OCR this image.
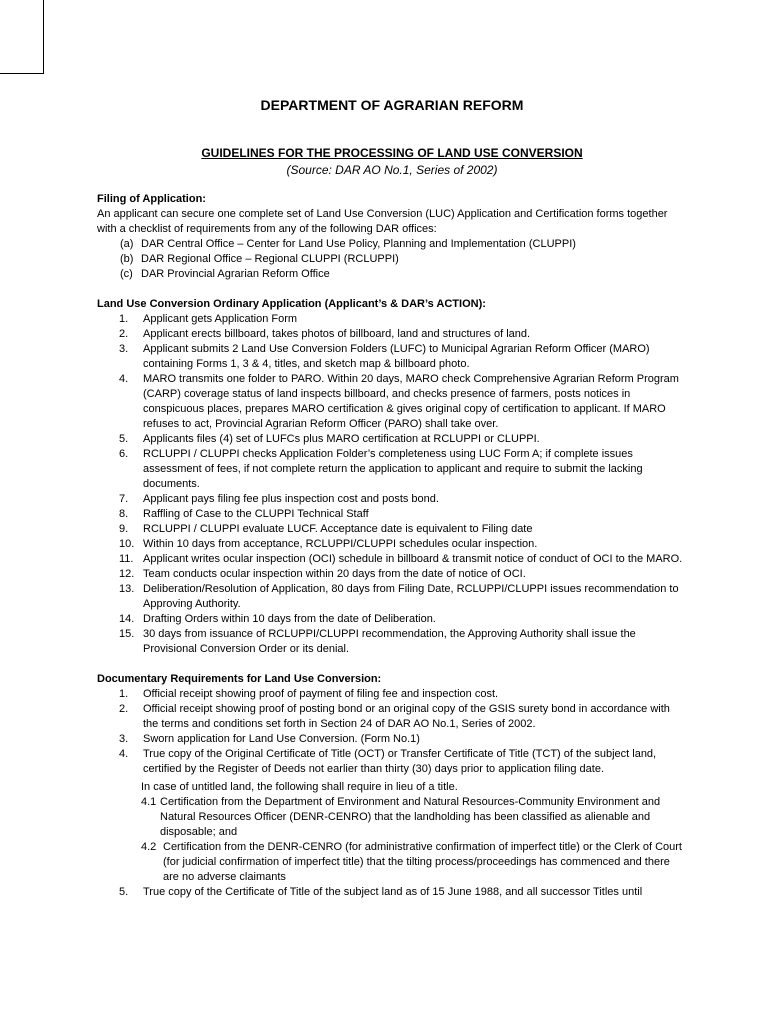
DEPARTMENT OF AGRARIAN REFORM
GUIDELINES FOR THE PROCESSING OF LAND USE CONVERSION
(Source: DAR AO No.1, Series of 2002)
Filing of Application:

An applicant can secure one complete set of Land Use Conversion (LUC) Application and Certification forms together with a checklist of requirements from any of the following DAR offices:

(a) DAR Central Office – Center for Land Use Policy, Planning and Implementation (CLUPPI)
(b) DAR Regional Office – Regional CLUPPI (RCLUPPI)
(c) DAR Provincial Agrarian Reform Office
Land Use Conversion Ordinary Application (Applicant’s & DAR’s ACTION):
1. Applicant gets Application Form
2. Applicant erects billboard, takes photos of billboard, land and structures of land.
3. Applicant submits 2 Land Use Conversion Folders (LUFC) to Municipal Agrarian Reform Officer (MARO) containing Forms 1, 3 & 4, titles, and sketch map & billboard photo.
4. MARO transmits one folder to PARO. Within 20 days, MARO check Comprehensive Agrarian Reform Program (CARP) coverage status of land inspects billboard, and checks presence of farmers, posts notices in conspicuous places, prepares MARO certification & gives original copy of certification to applicant. If MARO refuses to act, Provincial Agrarian Reform Officer (PARO) shall take over.
5. Applicants files (4) set of LUFCs plus MARO certification at RCLUPPI or CLUPPI.
6. RCLUPPI / CLUPPI checks Application Folder’s completeness using LUC Form A; if complete issues assessment of fees, if not complete return the application to applicant and require to submit the lacking documents.
7. Applicant pays filing fee plus inspection cost and posts bond.
8. Raffling of Case to the CLUPPI Technical Staff
9. RCLUPPI / CLUPPI evaluate LUCF. Acceptance date is equivalent to Filing date
10. Within 10 days from acceptance, RCLUPPI/CLUPPI schedules ocular inspection.
11. Applicant writes ocular inspection (OCI) schedule in billboard & transmit notice of conduct of OCI to the MARO.
12. Team conducts ocular inspection within 20 days from the date of notice of OCI.
13. Deliberation/Resolution of Application, 80 days from Filing Date, RCLUPPI/CLUPPI issues recommendation to Approving Authority.
14. Drafting Orders within 10 days from the date of Deliberation.
15. 30 days from issuance of RCLUPPI/CLUPPI recommendation, the Approving Authority shall issue the Provisional Conversion Order or its denial.
Documentary Requirements for Land Use Conversion:
1. Official receipt showing proof of payment of filing fee and inspection cost.
2. Official receipt showing proof of posting bond or an original copy of the GSIS surety bond in accordance with the terms and conditions set forth in Section 24 of DAR AO No.1, Series of 2002.
3. Sworn application for Land Use Conversion. (Form No.1)
4. True copy of the Original Certificate of Title (OCT) or Transfer Certificate of Title (TCT) of the subject land, certified by the Register of Deeds not earlier than thirty (30) days prior to application filing date.
In case of untitled land, the following shall require in lieu of a title.
4.1 Certification from the Department of Environment and Natural Resources-Community Environment and Natural Resources Officer (DENR-CENRO) that the landholding has been classified as alienable and disposable; and
4.2 Certification from the DENR-CENRO (for administrative confirmation of imperfect title) or the Clerk of Court (for judicial confirmation of imperfect title) that the tilting process/proceedings has commenced and there are no adverse claimants
5. True copy of the Certificate of Title of the subject land as of 15 June 1988, and all successor Titles until
